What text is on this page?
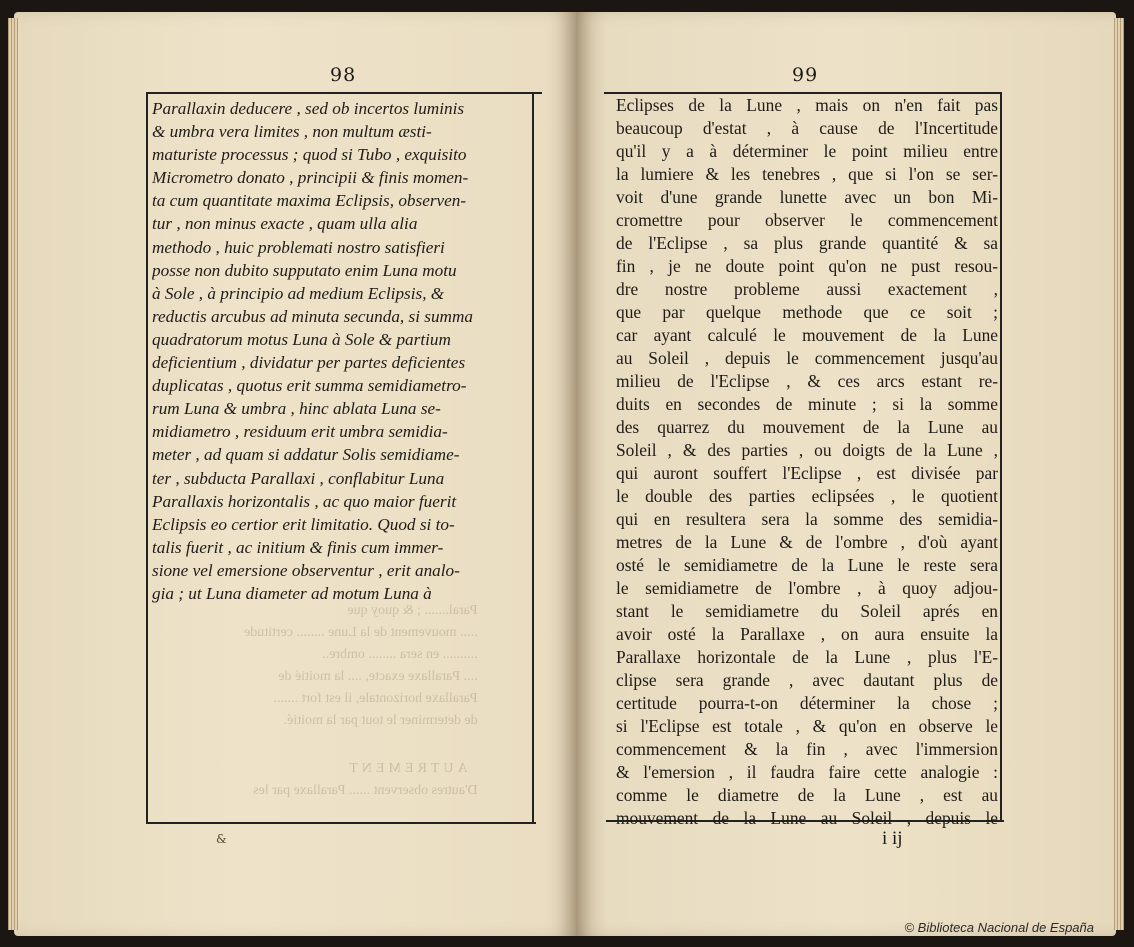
98
Paral....... ; & quoy que
..... mouvement de la Lune ........ certitude
.......... en sera ........ ombre..
.... Parallaxe exacte, .... la moitié de
Parallaxe horizontale, il est fort .......
de determiner le tout par la moitié.
AUTREMENT
D'autres observent ...... Parallaxe par les
Parallaxin deducere , sed ob incertos luminis
& umbra vera limites , non multum æsti-
maturiste processus ; quod si Tubo , exquisito
Micrometro donato , principii & finis momen-
ta cum quantitate maxima Eclipsis, observen-
tur , non minus exacte , quam ulla alia
methodo , huic problemati nostro satisfieri
posse non dubito supputato enim Luna motu
à Sole , à principio ad medium Eclipsis, &
reductis arcubus ad minuta secunda, si summa
quadratorum motus Luna à Sole & partium
deficientium , dividatur per partes deficientes
duplicatas , quotus erit summa semidiametro-
rum Luna & umbra , hinc ablata Luna se-
midiametro , residuum erit umbra semidia-
meter , ad quam si addatur Solis semidiame-
ter , subducta Parallaxi , conflabitur Luna
Parallaxis horizontalis , ac quo maior fuerit
Eclipsis eo certior erit limitatio. Quod si to-
talis fuerit , ac initium & finis cum immer-
sione vel emersione observentur , erit analo-
gia ; ut Luna diameter ad motum Luna à
&
99
Eclipses de la Lune , mais on n'en fait pas
beaucoup d'estat , à cause de l'Incertitude
qu'il y a à déterminer le point milieu entre
la lumiere & les tenebres , que si l'on se ser-
voit d'une grande lunette avec un bon Mi-
cromettre pour observer le commencement
de l'Eclipse , sa plus grande quantité & sa
fin , je ne doute point qu'on ne pust resou-
dre nostre probleme aussi exactement ,
que par quelque methode que ce soit ;
car ayant calculé le mouvement de la Lune
au Soleil , depuis le commencement jusqu'au
milieu de l'Eclipse , & ces arcs estant re-
duits en secondes de minute ; si la somme
des quarrez du mouvement de la Lune au
Soleil , & des parties , ou doigts de la Lune ,
qui auront souffert l'Eclipse , est divisée par
le double des parties eclipsées , le quotient
qui en resultera sera la somme des semidia-
metres de la Lune & de l'ombre , d'où ayant
osté le semidiametre de la Lune le reste sera
le semidiametre de l'ombre , à quoy adjou-
stant le semidiametre du Soleil aprés en
avoir osté la Parallaxe , on aura ensuite la
Parallaxe horizontale de la Lune , plus l'E-
clipse sera grande , avec dautant plus de
certitude pourra-t-on déterminer la chose ;
si l'Eclipse est totale , & qu'on en observe le
commencement & la fin , avec l'immersion
& l'emersion , il faudra faire cette analogie :
comme le diametre de la Lune , est au
mouvement de la Lune au Soleil , depuis le
i ij
© Biblioteca Nacional de España
